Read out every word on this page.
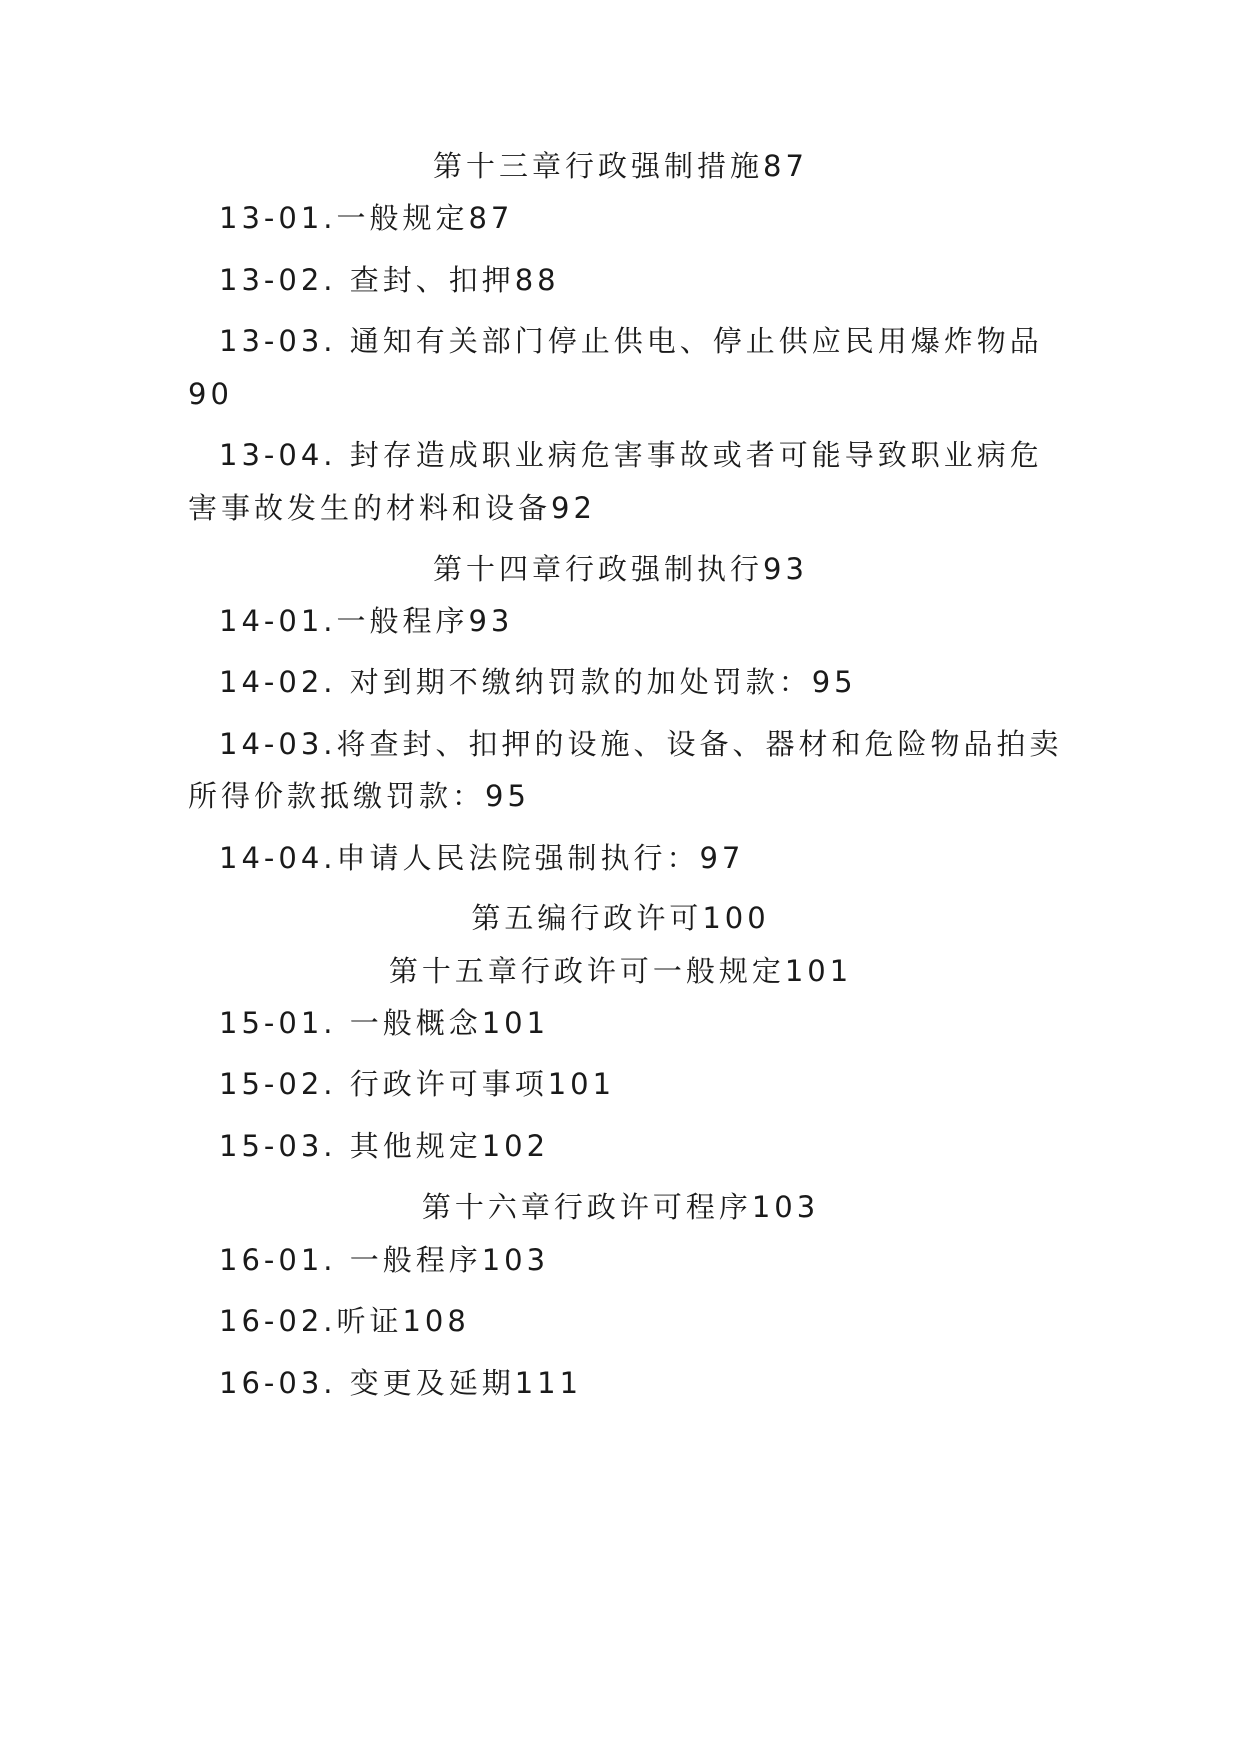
第十三章行政强制措施87
13-01.一般规定87
13-02. 查封、扣押88
13-03. 通知有关部门停止供电、停止供应民用爆炸物品
90
13-04. 封存造成职业病危害事故或者可能导致职业病危
害事故发生的材料和设备92
第十四章行政强制执行93
14-01.一般程序93
14-02. 对到期不缴纳罚款的加处罚款：95
14-03.将查封、扣押的设施、设备、器材和危险物品拍卖
所得价款抵缴罚款：95
14-04.申请人民法院强制执行：97
第五编行政许可100
第十五章行政许可一般规定101
15-01. 一般概念101
15-02. 行政许可事项101
15-03. 其他规定102
第十六章行政许可程序103
16-01. 一般程序103
16-02.听证108
16-03. 变更及延期111
